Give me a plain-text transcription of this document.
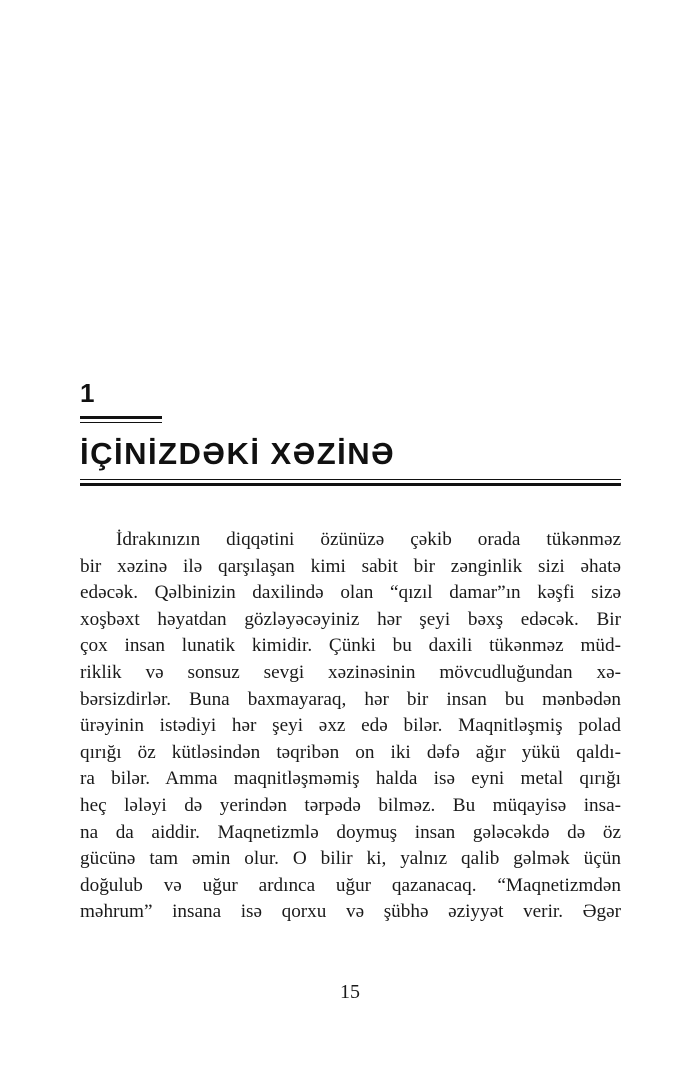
1
İÇİNİZDƏKİ XƏZİNƏ
İdrakınızın diqqətini özünüzə çəkib orada tükənməz
bir xəzinə ilə qarşılaşan kimi sabit bir zənginlik sizi əhatə
edəcək. Qəlbinizin daxilində olan “qızıl damar”ın kəşfi sizə
xoşbəxt həyatdan gözləyəcəyiniz hər şeyi bəxş edəcək. Bir
çox insan lunatik kimidir. Çünki bu daxili tükənməz müd-
riklik və sonsuz sevgi xəzinəsinin mövcudluğundan xə-
bərsizdirlər. Buna baxmayaraq, hər bir insan bu mənbədən
ürəyinin istədiyi hər şeyi əxz edə bilər. Maqnitləşmiş polad
qırığı öz kütləsindən təqribən on iki dəfə ağır yükü qaldı-
ra bilər. Amma maqnitləşməmiş halda isə eyni metal qırığı
heç lələyi də yerindən tərpədə bilməz. Bu müqayisə insa-
na da aiddir. Maqnetizmlə doymuş insan gələcəkdə də öz
gücünə tam əmin olur. O bilir ki, yalnız qalib gəlmək üçün
doğulub və uğur ardınca uğur qazanacaq. “Maqnetizmdən
məhrum” insana isə qorxu və şübhə əziyyət verir. Əgər
15
